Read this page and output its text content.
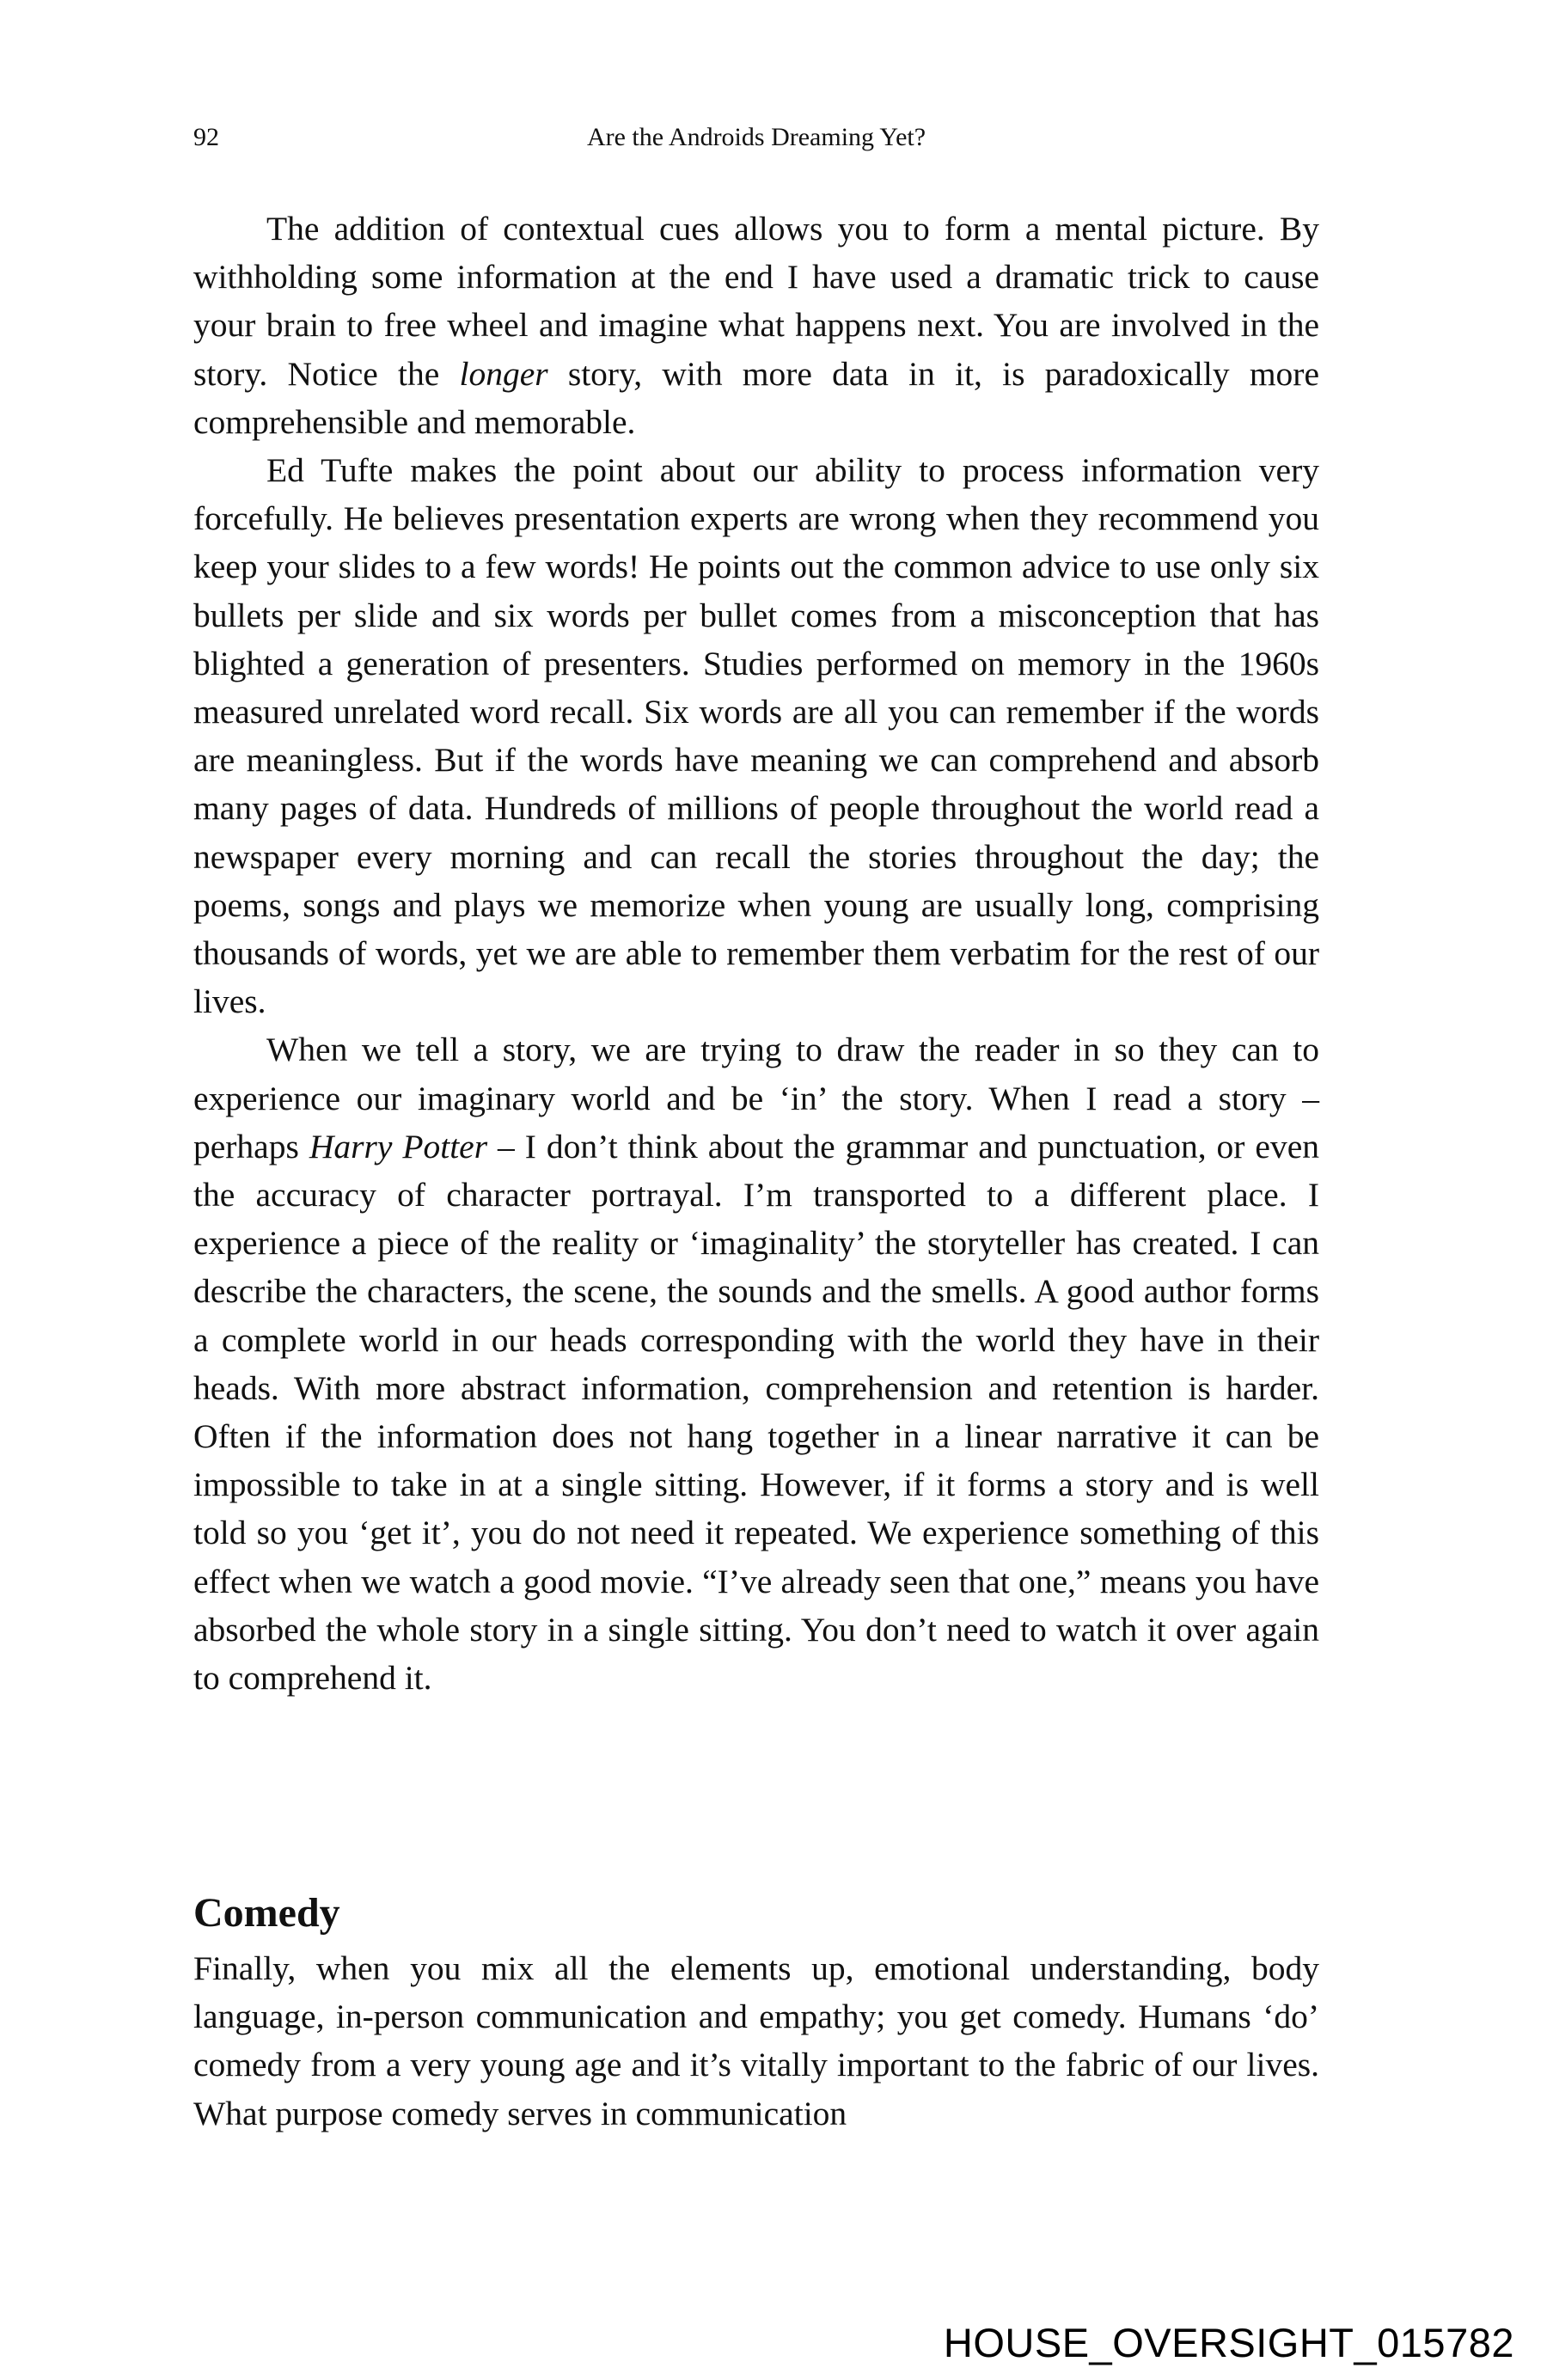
92	Are the Androids Dreaming Yet?

The addition of contextual cues allows you to form a mental picture. By withholding some information at the end I have used a dramatic trick to cause your brain to free wheel and imagine what happens next. You are involved in the story. Notice the longer story, with more data in it, is paradoxically more comprehensible and memorable.

Ed Tufte makes the point about our ability to process information very forcefully. He believes presentation experts are wrong when they recommend you keep your slides to a few words! He points out the common advice to use only six bullets per slide and six words per bullet comes from a misconception that has blighted a generation of presenters. Studies performed on memory in the 1960s measured unrelated word recall. Six words are all you can remember if the words are meaningless. But if the words have meaning we can comprehend and absorb many pages of data. Hundreds of millions of people throughout the world read a newspaper every morning and can recall the stories throughout the day; the poems, songs and plays we memorize when young are usually long, comprising thousands of words, yet we are able to remember them verbatim for the rest of our lives.

When we tell a story, we are trying to draw the reader in so they can to experience our imaginary world and be ‘in’ the story. When I read a story – perhaps Harry Potter – I don’t think about the grammar and punctuation, or even the accuracy of character portrayal. I’m transported to a different place. I experience a piece of the reality or ‘imaginality’ the storyteller has created. I can describe the characters, the scene, the sounds and the smells. A good author forms a complete world in our heads corresponding with the world they have in their heads. With more abstract information, comprehension and retention is harder. Often if the information does not hang together in a linear narrative it can be impossible to take in at a single sitting. However, if it forms a story and is well told so you ‘get it’, you do not need it repeated. We experience something of this effect when we watch a good movie. “I’ve already seen that one,” means you have absorbed the whole story in a single sitting. You don’t need to watch it over again to comprehend it.

Comedy

Finally, when you mix all the elements up, emotional understanding, body language, in-person communication and empathy; you get comedy. Humans ‘do’ comedy from a very young age and it’s vitally important to the fabric of our lives. What purpose comedy serves in communication

HOUSE_OVERSIGHT_015782
